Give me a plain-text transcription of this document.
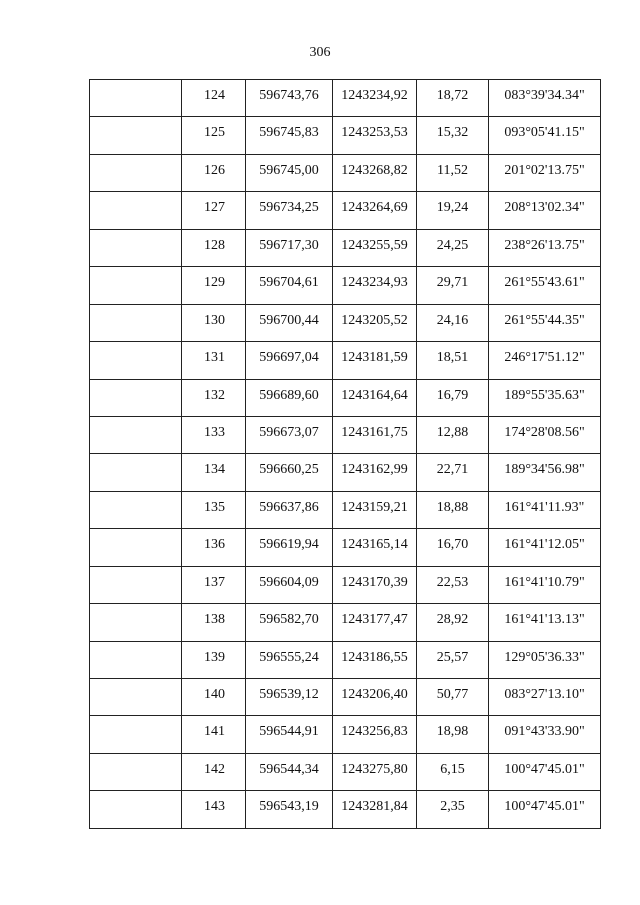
306

	124	596743,76	1243234,92	18,72	083°39'34.34"

	125	596745,83	1243253,53	15,32	093°05'41.15"

	126	596745,00	1243268,82	11,52	201°02'13.75"

	127	596734,25	1243264,69	19,24	208°13'02.34"

	128	596717,30	1243255,59	24,25	238°26'13.75"

	129	596704,61	1243234,93	29,71	261°55'43.61"

	130	596700,44	1243205,52	24,16	261°55'44.35"

	131	596697,04	1243181,59	18,51	246°17'51.12"

	132	596689,60	1243164,64	16,79	189°55'35.63"

	133	596673,07	1243161,75	12,88	174°28'08.56"

	134	596660,25	1243162,99	22,71	189°34'56.98"

	135	596637,86	1243159,21	18,88	161°41'11.93"

	136	596619,94	1243165,14	16,70	161°41'12.05"

	137	596604,09	1243170,39	22,53	161°41'10.79"

	138	596582,70	1243177,47	28,92	161°41'13.13"

	139	596555,24	1243186,55	25,57	129°05'36.33"

	140	596539,12	1243206,40	50,77	083°27'13.10"

	141	596544,91	1243256,83	18,98	091°43'33.90"

	142	596544,34	1243275,80	6,15	100°47'45.01"

	143	596543,19	1243281,84	2,35	100°47'45.01"
